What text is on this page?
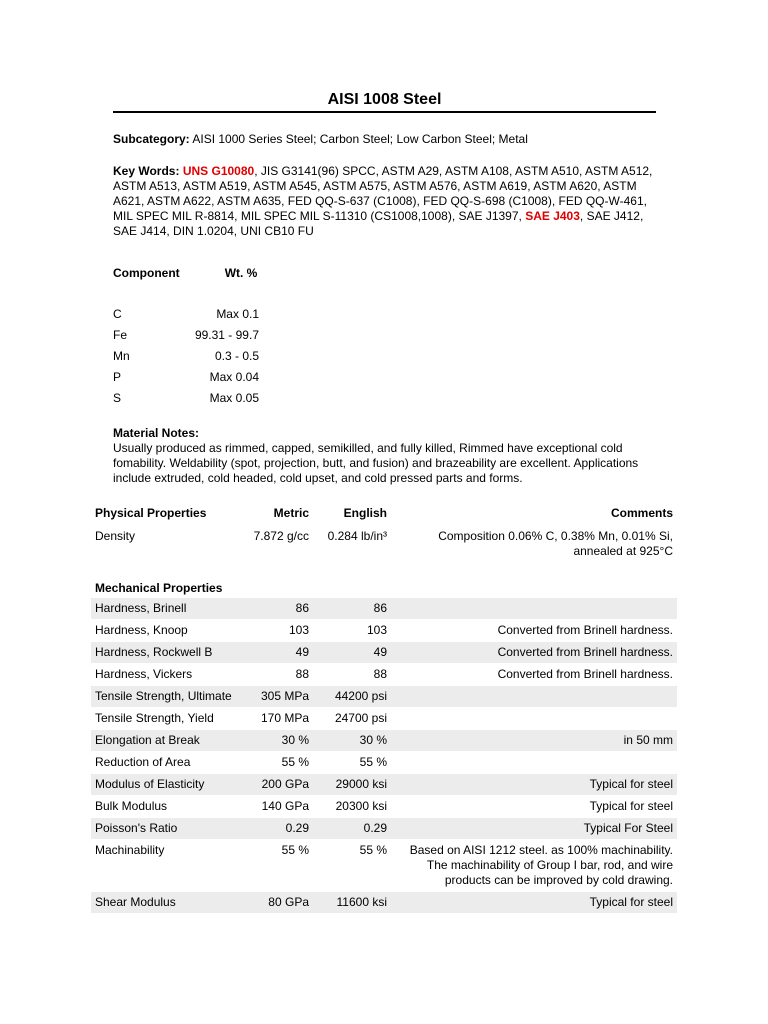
AISI 1008 Steel
Subcategory: AISI 1000 Series Steel; Carbon Steel; Low Carbon Steel; Metal
Key Words: UNS G10080, JIS G3141(96) SPCC, ASTM A29, ASTM A108, ASTM A510, ASTM A512, ASTM A513, ASTM A519, ASTM A545, ASTM A575, ASTM A576, ASTM A619, ASTM A620, ASTM A621, ASTM A622, ASTM A635, FED QQ-S-637 (C1008), FED QQ-S-698 (C1008), FED QQ-W-461, MIL SPEC MIL R-8814, MIL SPEC MIL S-11310 (CS1008,1008), SAE J1397, SAE J403, SAE J412, SAE J414, DIN 1.0204, UNI CB10 FU
Component	Wt. %

C	Max 0.1
Fe	99.31 - 99.7
Mn	0.3 - 0.5
P	Max 0.04
S	Max 0.05
Material Notes:
Usually produced as rimmed, capped, semikilled, and fully killed, Rimmed have exceptional cold fomability. Weldability (spot, projection, butt, and fusion) and brazeability are excellent. Applications include extruded, cold headed, cold upset, and cold pressed parts and forms.
Physical Properties	Metric	English	Comments
Density	7.872 g/cc	0.284 lb/in³	Composition 0.06% C, 0.38% Mn, 0.01% Si, annealed at 925°C

Mechanical Properties			
Hardness, Brinell	86	86	
Hardness, Knoop	103	103	Converted from Brinell hardness.
Hardness, Rockwell B	49	49	Converted from Brinell hardness.
Hardness, Vickers	88	88	Converted from Brinell hardness.
Tensile Strength, Ultimate	305 MPa	44200 psi	
Tensile Strength, Yield	170 MPa	24700 psi	
Elongation at Break	30 %	30 %	in 50 mm
Reduction of Area	55 %	55 %	
Modulus of Elasticity	200 GPa	29000 ksi	Typical for steel
Bulk Modulus	140 GPa	20300 ksi	Typical for steel
Poisson's Ratio	0.29	0.29	Typical For Steel
Machinability	55 %	55 %	Based on AISI 1212 steel. as 100% machinability. The machinability of Group I bar, rod, and wire products can be improved by cold drawing.
Shear Modulus	80 GPa	11600 ksi	Typical for steel
